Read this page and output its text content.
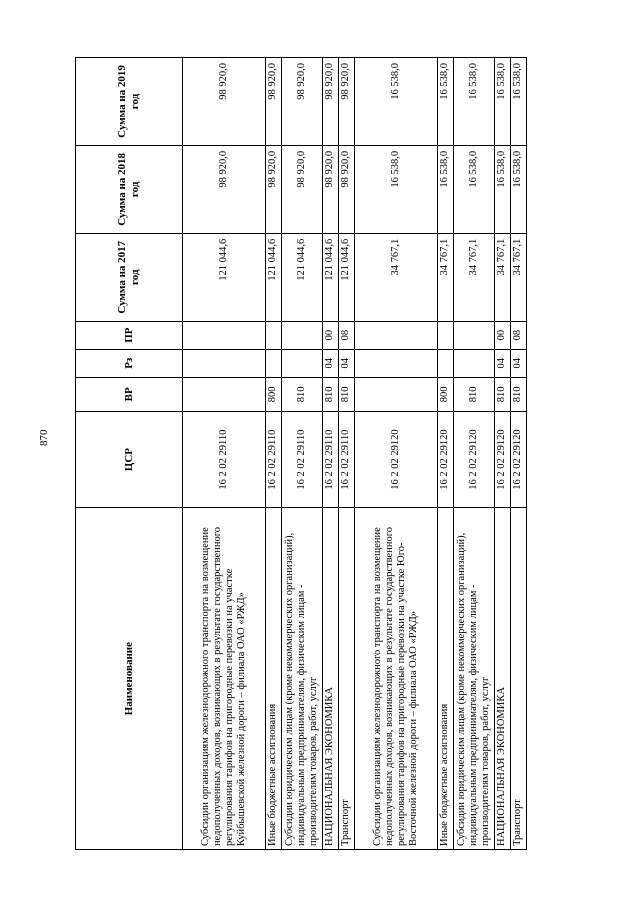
870
Наименование	ЦСР	ВР	Рз	ПР	Сумма на 2017 год	Сумма на 2018 год	Сумма на 2019 год
Субсидии организациям железнодорожного транспорта на возмещение недополученных доходов, возникающих в результате государственного регулирования тарифов на пригородные перевозки на участке Куйбышевской железной дороги – филиала ОАО «РЖД»	16 2 02 29110				121 044,6	98 920,0	98 920,0
Иные бюджетные ассигнования	16 2 02 29110	800			121 044,6	98 920,0	98 920,0
Субсидии юридическим лицам (кроме некоммерческих организаций), индивидуальным предпринимателям, физическим лицам - производителям товаров, работ, услуг	16 2 02 29110	810			121 044,6	98 920,0	98 920,0
НАЦИОНАЛЬНАЯ ЭКОНОМИКА	16 2 02 29110	810	04	00	121 044,6	98 920,0	98 920,0
Транспорт	16 2 02 29110	810	04	08	121 044,6	98 920,0	98 920,0
Субсидии организациям железнодорожного транспорта на возмещение недополученных доходов, возникающих в результате государственного регулирования тарифов на пригородные перевозки на участке Юго-Восточной железной дороги – филиала ОАО «РЖД»	16 2 02 29120				34 767,1	16 538,0	16 538,0
Иные бюджетные ассигнования	16 2 02 29120	800			34 767,1	16 538,0	16 538,0
Субсидии юридическим лицам (кроме некоммерческих организаций), индивидуальным предпринимателям, физическим лицам - производителям товаров, работ, услуг	16 2 02 29120	810			34 767,1	16 538,0	16 538,0
НАЦИОНАЛЬНАЯ ЭКОНОМИКА	16 2 02 29120	810	04	00	34 767,1	16 538,0	16 538,0
Транспорт	16 2 02 29120	810	04	08	34 767,1	16 538,0	16 538,0
